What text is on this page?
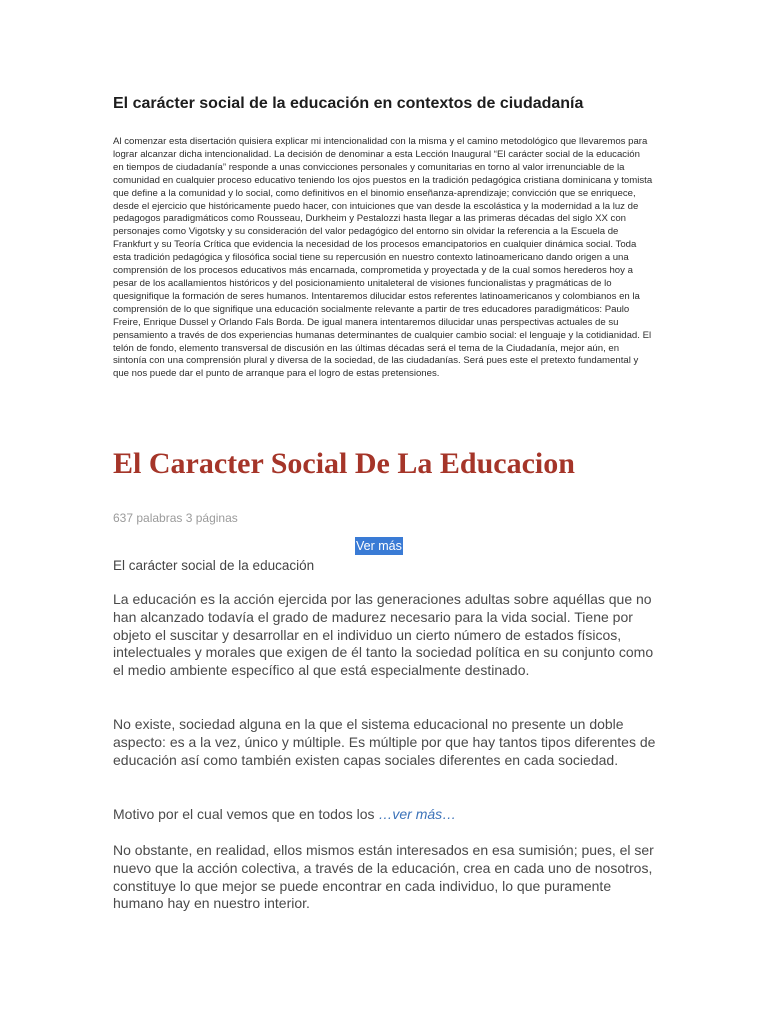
El carácter social de la educación en contextos de ciudadanía

Al comenzar esta disertación quisiera explicar mi intencionalidad con la misma y el camino metodológico que llevaremos para lograr alcanzar dicha intencionalidad. La decisión de denominar a esta Lección Inaugural “El carácter social de la educación en tiempos de ciudadanía” responde a unas convicciones personales y comunitarias en torno al valor irrenunciable de la comunidad en cualquier proceso educativo teniendo los ojos puestos en la tradición pedagógica cristiana dominicana y tomista que define a la comunidad y lo social, como definitivos en el binomio enseñanza-aprendizaje; convicción que se enriquece, desde el ejercicio que históricamente puedo hacer, con intuiciones que van desde la escolástica y la modernidad a la luz de pedagogos paradigmáticos como Rousseau, Durkheim y Pestalozzi hasta llegar a las primeras décadas del siglo XX con personajes como Vigotsky y su consideración del valor pedagógico del entorno sin olvidar la referencia a la Escuela de Frankfurt y su Teoría Crítica que evidencia la necesidad de los procesos emancipatorios en cualquier dinámica social. Toda esta tradición pedagógica y filosófica social tiene su repercusión en nuestro contexto latinoamericano dando origen a una comprensión de los procesos educativos más encarnada, comprometida y proyectada y de la cual somos herederos hoy a pesar de los acallamientos históricos y del posicionamiento unitaleteral de visiones funcionalistas y pragmáticas de lo quesignifique la formación de seres humanos. Intentaremos dilucidar estos referentes latinoamericanos y colombianos en la comprensión de lo que signifique una educación socialmente relevante a partir de tres educadores paradigmáticos: Paulo Freire, Enrique Dussel y Orlando Fals Borda. De igual manera intentaremos dilucidar unas perspectivas actuales de su pensamiento a través de dos experiencias humanas determinantes de cualquier cambio social: el lenguaje y la cotidianidad. El telón de fondo, elemento transversal de discusión en las últimas décadas será el tema de la Ciudadanía, mejor aún, en sintonía con una comprensión plural y diversa de la sociedad, de las ciudadanías. Será pues este el pretexto fundamental y que nos puede dar el punto de arranque para el logro de estas pretensiones.

El Caracter Social De La Educacion
637 palabras 3 páginas
Ver más

El carácter social de la educación

La educación es la acción ejercida por las generaciones adultas sobre aquéllas que no han alcanzado todavía el grado de madurez necesario para la vida social. Tiene por objeto el suscitar y desarrollar en el individuo un cierto número de estados físicos, intelectuales y morales que exigen de él tanto la sociedad política en su conjunto como el medio ambiente específico al que está especialmente destinado.

No existe, sociedad alguna en la que el sistema educacional no presente un doble aspecto: es a la vez, único y múltiple. Es múltiple por que hay tantos tipos diferentes de educación así como también existen capas sociales diferentes en cada sociedad.

Motivo por el cual vemos que en todos los …ver más…

No obstante, en realidad, ellos mismos están interesados en esa sumisión; pues, el ser nuevo que la acción colectiva, a través de la educación, crea en cada uno de nosotros, constituye lo que mejor se puede encontrar en cada individuo, lo que puramente humano hay en nuestro interior.
